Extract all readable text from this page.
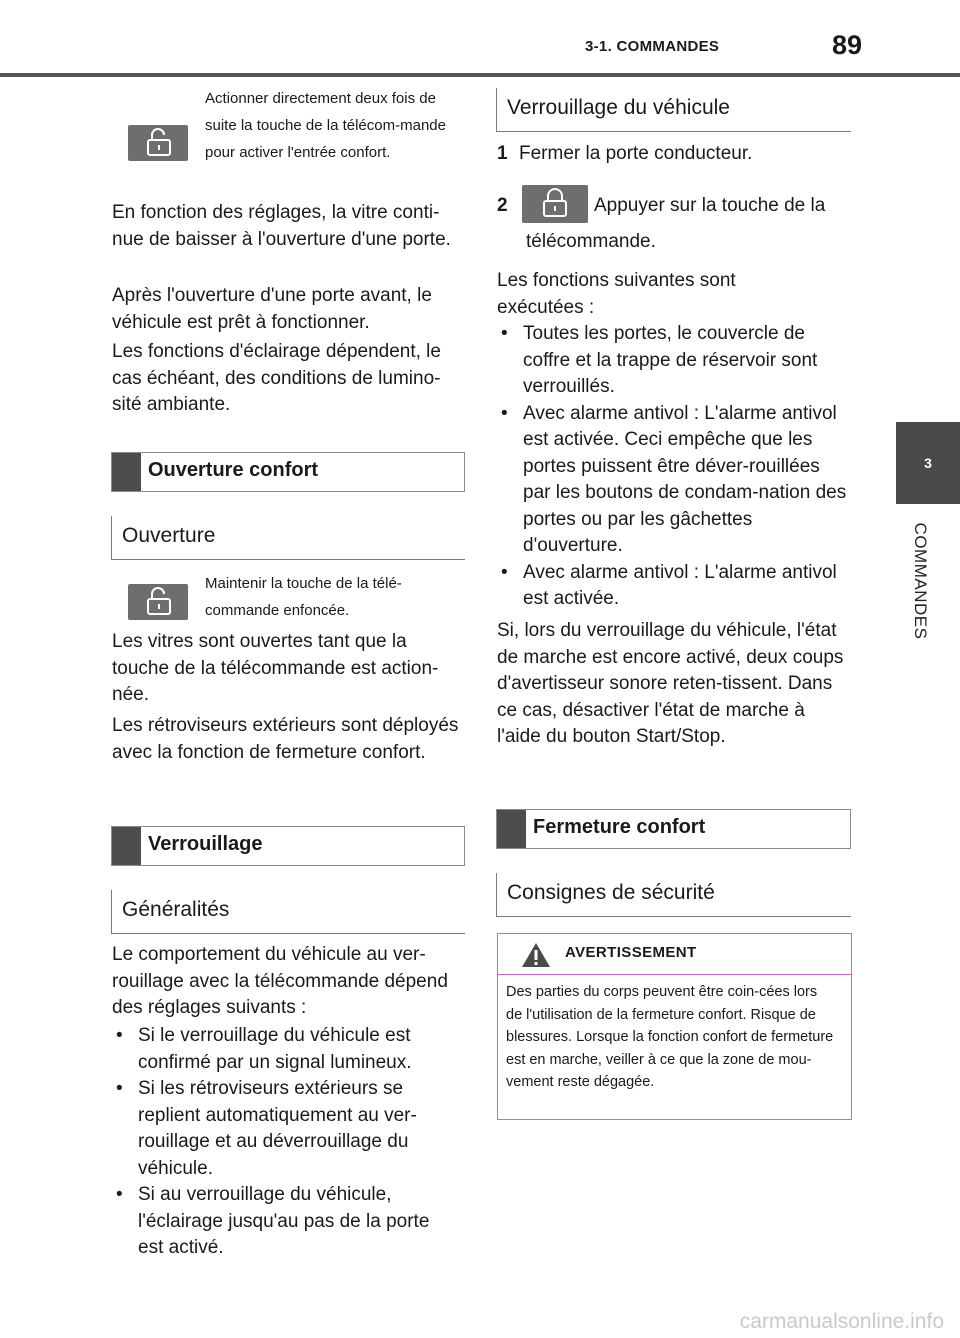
3-1. COMMANDES	89
3
COMMANDES
Actionner directement deux fois de suite la touche de la télécom-mande pour activer l'entrée confort.
En fonction des réglages, la vitre conti-nue de baisser à l'ouverture d'une porte.
Après l'ouverture d'une porte avant, le véhicule est prêt à fonctionner.
Les fonctions d'éclairage dépendent, le cas échéant, des conditions de lumino-sité ambiante.
Ouverture confort
Ouverture
Maintenir la touche de la télé-commande enfoncée.
Les vitres sont ouvertes tant que la touche de la télécommande est action-née.
Les rétroviseurs extérieurs sont déployés avec la fonction de fermeture confort.
Verrouillage
Généralités
Le comportement du véhicule au ver-rouillage avec la télécommande dépend des réglages suivants :
• Si le verrouillage du véhicule est confirmé par un signal lumineux.
• Si les rétroviseurs extérieurs se replient automatiquement au ver-rouillage et au déverrouillage du véhicule.
• Si au verrouillage du véhicule, l'éclairage jusqu'au pas de la porte est activé.
Verrouillage du véhicule
1 Fermer la porte conducteur.
2	Appuyer sur la touche de la
télécommande.
Les fonctions suivantes sont exécutées :
• Toutes les portes, le couvercle de coffre et la trappe de réservoir sont verrouillés.
• Avec alarme antivol : L'alarme antivol est activée. Ceci empêche que les portes puissent être déver-rouillées par les boutons de condam-nation des portes ou par les gâchettes d'ouverture.
• Avec alarme antivol : L'alarme antivol est activée.
Si, lors du verrouillage du véhicule, l'état de marche est encore activé, deux coups d'avertisseur sonore reten-tissent. Dans ce cas, désactiver l'état de marche à l'aide du bouton Start/Stop.
Fermeture confort
Consignes de sécurité
AVERTISSEMENT
Des parties du corps peuvent être coin-cées lors de l'utilisation de la fermeture confort. Risque de blessures. Lorsque la fonction confort de fermeture est en marche, veiller à ce que la zone de mou-vement reste dégagée.
carmanualsonline.info
